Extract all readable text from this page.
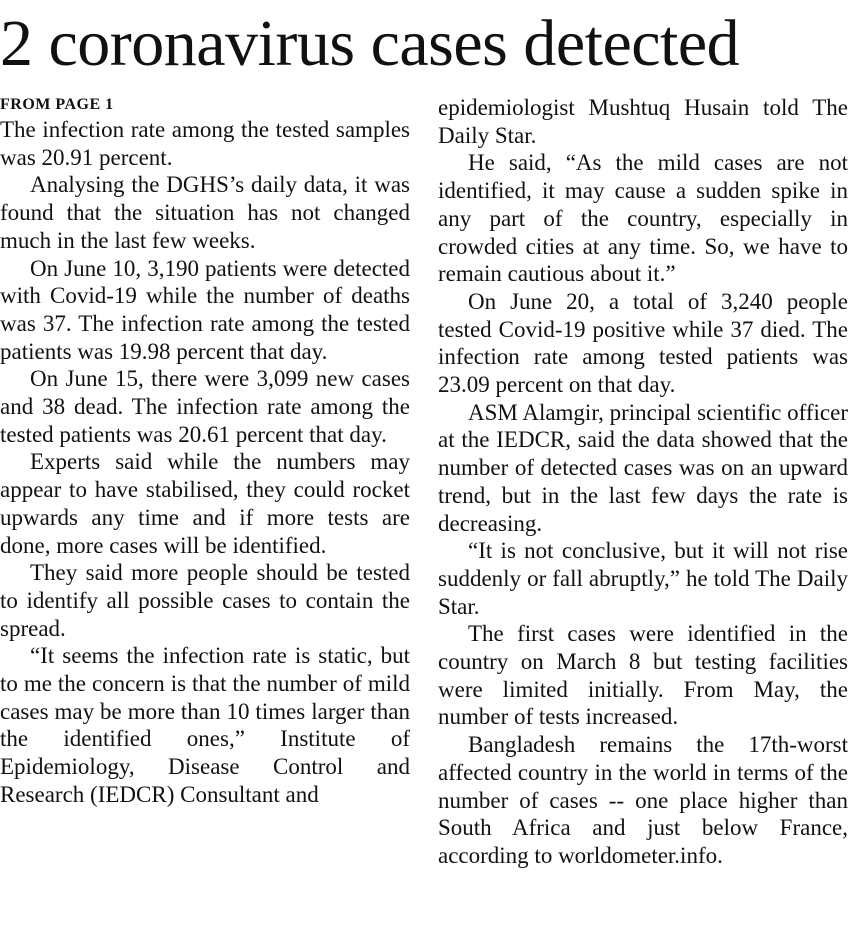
2 coronavirus cases detected
FROM PAGE 1

The infection rate among the tested samples was 20.91 percent.

Analysing the DGHS’s daily data, it was found that the situation has not changed much in the last few weeks.

On June 10, 3,190 patients were detected with Covid-19 while the number of deaths was 37. The infection rate among the tested patients was 19.98 percent that day.

On June 15, there were 3,099 new cases and 38 dead. The infection rate among the tested patients was 20.61 percent that day.

Experts said while the numbers may appear to have stabilised, they could rocket upwards any time and if more tests are done, more cases will be identified.

They said more people should be tested to identify all possible cases to contain the spread.

“It seems the infection rate is static, but to me the concern is that the number of mild cases may be more than 10 times larger than the identified ones,” Institute of Epidemiology, Disease Control and Research (IEDCR) Consultant and

epidemiologist Mushtuq Husain told The Daily Star.

He said, “As the mild cases are not identified, it may cause a sudden spike in any part of the country, especially in crowded cities at any time. So, we have to remain cautious about it.”

On June 20, a total of 3,240 people tested Covid-19 positive while 37 died. The infection rate among tested patients was 23.09 percent on that day.

ASM Alamgir, principal scientific officer at the IEDCR, said the data showed that the number of detected cases was on an upward trend, but in the last few days the rate is decreasing.

“It is not conclusive, but it will not rise suddenly or fall abruptly,” he told The Daily Star.

The first cases were identified in the country on March 8 but testing facilities were limited initially. From May, the number of tests increased.

Bangladesh remains the 17th-worst affected country in the world in terms of the number of cases -- one place higher than South Africa and just below France, according to worldometer.info.
